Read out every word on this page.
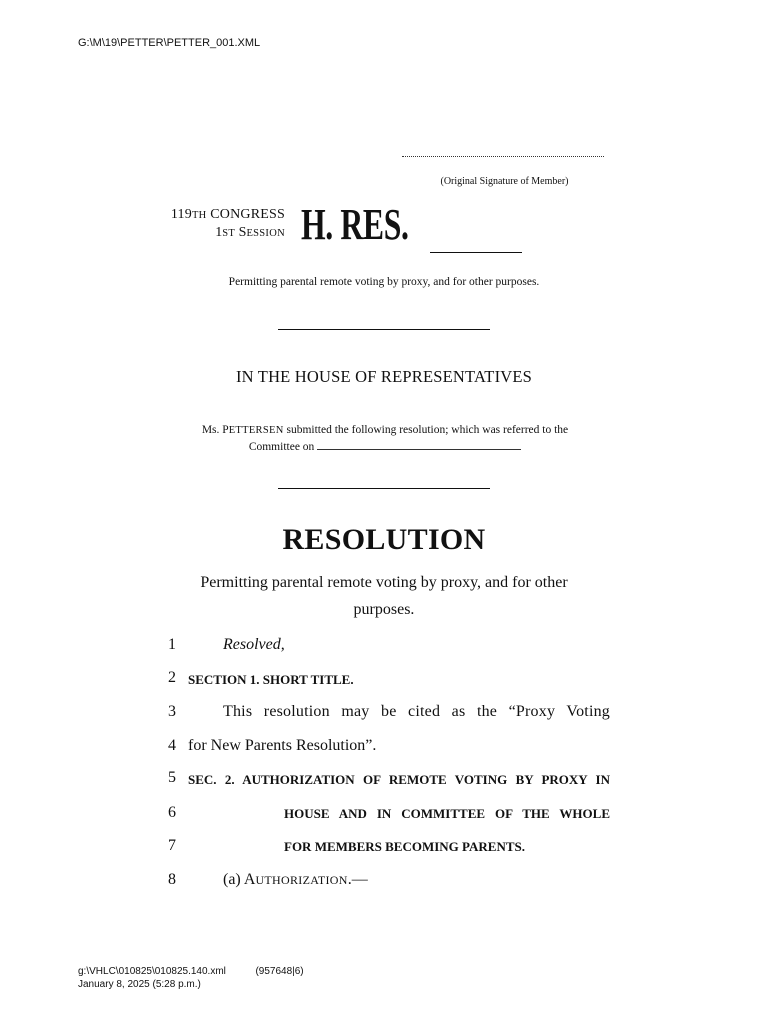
G:\M\19\PETTER\PETTER_001.XML
(Original Signature of Member)
119TH CONGRESS
1ST SESSION H. RES.
Permitting parental remote voting by proxy, and for other purposes.
IN THE HOUSE OF REPRESENTATIVES
Ms. PETTERSEN submitted the following resolution; which was referred to the
Committee on
RESOLUTION
Permitting parental remote voting by proxy, and for other
purposes.
1	Resolved,
2 SECTION 1. SHORT TITLE.
3	This resolution may be cited as the “Proxy Voting
4 for New Parents Resolution”.
5 SEC. 2. AUTHORIZATION OF REMOTE VOTING BY PROXY IN
6	HOUSE AND IN COMMITTEE OF THE WHOLE
7	FOR MEMBERS BECOMING PARENTS.
8	(a) AUTHORIZATION.—
g:\VHLC\010825\010825.140.xml	(957648|6)
January 8, 2025 (5:28 p.m.)
